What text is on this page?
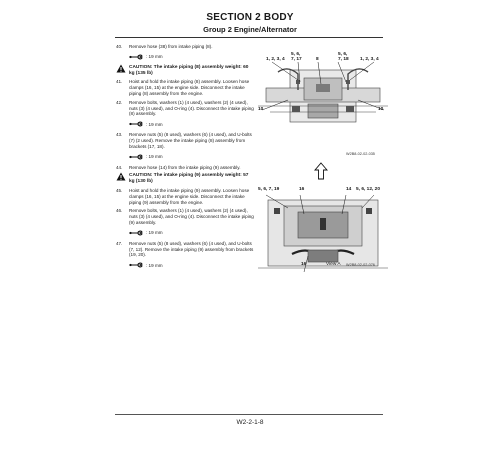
SECTION 2 BODY
Group 2 Engine/Alternator
40. Remove hose (38) from intake piping (8).
: 19 mm
CAUTION: The intake piping (8) assembly weight: 60 kg (135 lb)
41. Hoist and hold the intake piping (8) assembly. Loosen hose clamps (16, 15) at the engine side. Disconnect the intake piping (8) assembly from the engine.
42. Remove bolts, washers (1) (4 used), washers (2) (4 used), nuts (3) (4 used), and O-ring (4). Disconnect the intake piping (8) assembly.
: 19 mm
43. Remove nuts (5) (8 used), washers (6) (4 used), and U-bolts (7) (2 used). Remove the intake piping (8) assembly from brackets (17, 18).
: 19 mm
44. Remove hose (14) from the intake piping (9) assembly.
CAUTION: The intake piping (9) assembly weight: 57 kg (130 lb)
45. Hoist and hold the intake piping (9) assembly. Loosen hose clamps (16, 15) at the engine side. Disconnect the intake piping (9) assembly from the engine.
46. Remove bolts, washers (1) (4 used), washers (2) (4 used), nuts (3) (4 used), and O-ring (4). Disconnect the intake piping (9) assembly.
: 19 mm
47. Remove nuts (5) (8 used), washers (6) (4 used), and U-bolts (7, 12). Remove the intake piping (9) assembly from brackets (19, 20).
: 19 mm
5, 6,
7, 17
1, 2, 3, 4	8
5, 6,
7, 18 1, 2, 3, 4
10	10
W2B8-02-02-035
5, 6, 7, 19	16	14 5, 6, 12, 20
16	View A W2B8-02-02-076
W2-2-1-8
